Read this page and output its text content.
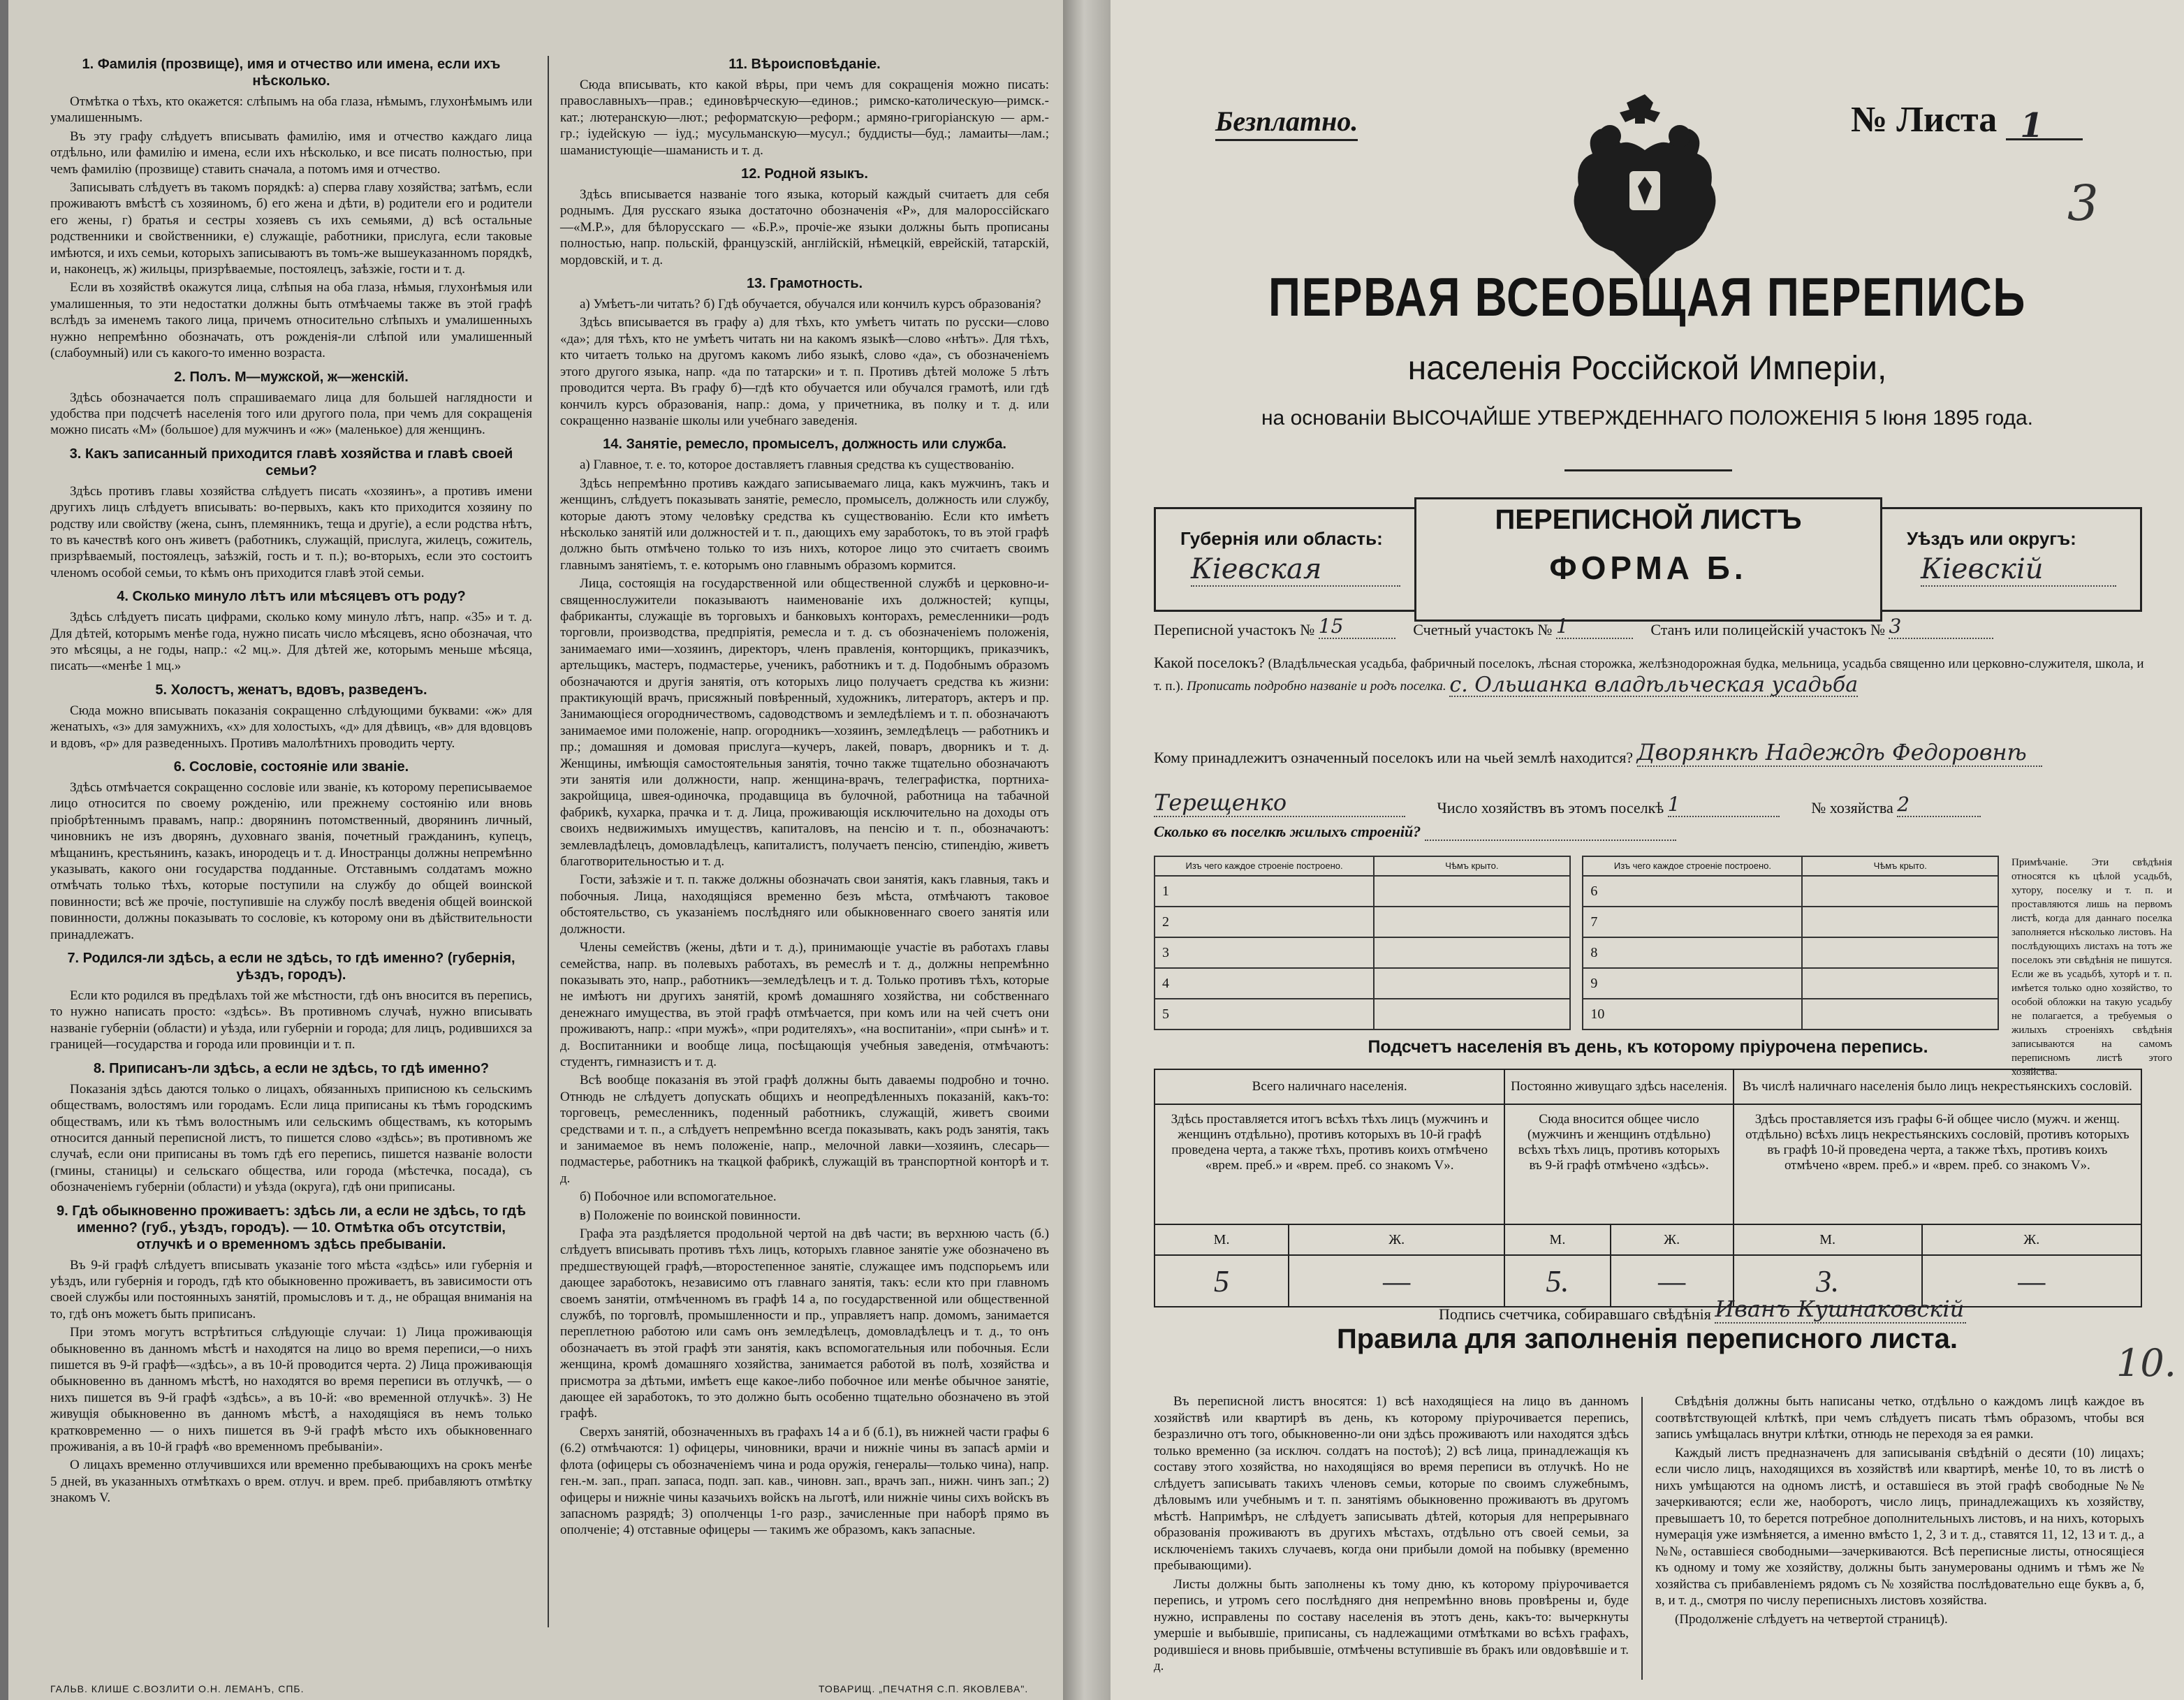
1. Фамилія (прозвище), имя и отчество или имена, если ихъ нѣсколько.

Отмѣтка о тѣхъ, кто окажется: слѣпымъ на оба глаза, нѣмымъ, глухонѣмымъ или умалишеннымъ.

Въ эту графу слѣдуетъ вписывать фамилію, имя и отчество каждаго лица отдѣльно, или фамилію и имена, если ихъ нѣсколько, и все писать полностью, при чемъ фамилію (прозвище) ставить сначала, а потомъ имя и отчество.

Записывать слѣдуетъ въ такомъ порядкѣ: а) сперва главу хозяйства; затѣмъ, если проживаютъ вмѣстѣ съ хозяиномъ, б) его жена и дѣти, в) родители его и родители его жены, г) братья и сестры хозяевъ съ ихъ семьями, д) всѣ остальные родственники и свойственники, е) служащіе, работники, прислуга, если таковые имѣются, и ихъ семьи, которыхъ записываютъ въ томъ-же вышеуказанномъ порядкѣ, и, наконецъ, ж) жильцы, призрѣваемые, постоялецъ, заѣзжіе, гости и т. д.

Если въ хозяйствѣ окажутся лица, слѣпыя на оба глаза, нѣмыя, глухонѣмыя или умалишенныя, то эти недостатки должны быть отмѣчаемы также въ этой графѣ вслѣдъ за именемъ такого лица, причемъ относительно слѣпыхъ и умалишенныхъ нужно непремѣнно обозначать, отъ рожденія-ли слѣпой или умалишенный (слабоумный) или съ какого-то именно возраста.

2. Полъ. М—мужской, ж—женскій.

Здѣсь обозначается полъ спрашиваемаго лица для большей наглядности и удобства при подсчетѣ населенія того или другого пола, при чемъ для сокращенія можно писать «М» (большое) для мужчинъ и «ж» (маленькое) для женщинъ.

3. Какъ записанный приходится главѣ хозяйства и главѣ своей семьи?

Здѣсь противъ главы хозяйства слѣдуетъ писать «хозяинъ», а противъ имени другихъ лицъ слѣдуетъ вписывать: во-первыхъ, какъ кто приходится хозяину по родству или свойству (жена, сынъ, племянникъ, теща и другіе), а если родства нѣтъ, то въ качествѣ кого онъ живетъ (работникъ, служащій, прислуга, жилецъ, сожитель, призрѣваемый, постоялецъ, заѣзжій, гость и т. п.); во-вторыхъ, если это состоитъ членомъ особой семьи, то кѣмъ онъ приходится главѣ этой семьи.

4. Сколько минуло лѣтъ или мѣсяцевъ отъ роду?

Здѣсь слѣдуетъ писать цифрами, сколько кому минуло лѣтъ, напр. «35» и т. д. Для дѣтей, которымъ менѣе года, нужно писать число мѣсяцевъ, ясно обозначая, что это мѣсяцы, а не годы, напр.: «2 мц.». Для дѣтей же, которымъ меньше мѣсяца, писать—«менѣе 1 мц.»

5. Холостъ, женатъ, вдовъ, разведенъ.

Сюда можно вписывать показанія сокращенно слѣдующими буквами: «ж» для женатыхъ, «з» для замужнихъ, «х» для холостыхъ, «д» для дѣвицъ, «в» для вдовцовъ и вдовъ, «р» для разведенныхъ. Противъ малолѣтнихъ проводить черту.

6. Сословіе, состояніе или званіе.

Здѣсь отмѣчается сокращенно сословіе или званіе, къ которому переписываемое лицо относится по своему рожденію, или прежнему состоянію или вновь пріобрѣтеннымъ правамъ, напр.: дворянинъ потомственный, дворянинъ личный, чиновникъ не изъ дворянъ, духовнаго званія, почетный гражданинъ, купецъ, мѣщанинъ, крестьянинъ, казакъ, инородецъ и т. д. Иностранцы должны непремѣнно указывать, какого они государства подданные. Отставнымъ солдатамъ можно отмѣчать только тѣхъ, которые поступили на службу до общей воинской повинности; всѣ же прочіе, поступившіе на службу послѣ введенія общей воинской повинности, должны показывать то сословіе, къ которому они въ дѣйствительности принадлежатъ.

7. Родился-ли здѣсь, а если не здѣсь, то гдѣ именно? (губернія, уѣздъ, городъ).

Если кто родился въ предѣлахъ той же мѣстности, гдѣ онъ вносится въ перепись, то нужно написать просто: «здѣсь». Въ противномъ случаѣ, нужно вписывать названіе губерніи (области) и уѣзда, или губерніи и города; для лицъ, родившихся за границей—государства и города или провинціи и т. п.

8. Приписанъ-ли здѣсь, а если не здѣсь, то гдѣ именно?

Показанія здѣсь даются только о лицахъ, обязанныхъ приписною къ сельскимъ обществамъ, волостямъ или городамъ. Если лица приписаны къ тѣмъ городскимъ обществамъ, или къ тѣмъ волостнымъ или сельскимъ обществамъ, къ которымъ относится данный переписной листъ, то пишется слово «здѣсь»; въ противномъ же случаѣ, если они приписаны въ томъ гдѣ его перепись, пишется названіе волости (гмины, станицы) и сельскаго общества, или города (мѣстечка, посада), съ обозначеніемъ губерніи (области) и уѣзда (округа), гдѣ они приписаны.

9. Гдѣ обыкновенно проживаетъ: здѣсь ли, а если не здѣсь, то гдѣ именно? (губ., уѣздъ, городъ). — 10. Отмѣтка объ отсутствіи, отлучкѣ и о временномъ здѣсь пребываніи.

Въ 9-й графѣ слѣдуетъ вписывать указаніе того мѣста «здѣсь» или губернія и уѣздъ, или губернія и городъ, гдѣ кто обыкновенно проживаетъ, въ зависимости отъ своей службы или постоянныхъ занятій, промысловъ и т. д., не обращая вниманія на то, гдѣ онъ можетъ быть приписанъ.

При этомъ могутъ встрѣтиться слѣдующіе случаи: 1) Лица проживающія обыкновенно въ данномъ мѣстѣ и находятся на лицо во время переписи,—о нихъ пишется въ 9-й графѣ—«здѣсь», а въ 10-й проводится черта. 2) Лица проживающія обыкновенно въ данномъ мѣстѣ, но находятся во время переписи въ отлучкѣ, — о нихъ пишется въ 9-й графѣ «здѣсь», а въ 10-й: «во временной отлучкѣ». 3) Не живущія обыкновенно въ данномъ мѣстѣ, а находящіяся въ немъ только кратковременно — о нихъ пишется въ 9-й графѣ мѣсто ихъ обыкновеннаго проживанія, а въ 10-й графѣ «во временномъ пребываніи».

О лицахъ временно отлучившихся или временно пребывающихъ на срокъ менѣе 5 дней, въ указанныхъ отмѣткахъ о врем. отлуч. и врем. преб. прибавляютъ отмѣтку знакомъ V.

11. Вѣроисповѣданіе.

Сюда вписывать, кто какой вѣры, при чемъ для сокращенія можно писать: православныхъ—прав.; единовѣрческую—единов.; римско-католическую—римск.-кат.; лютеранскую—лют.; реформатскую—реформ.; армяно-григоріанскую — арм.-гр.; іудейскую — іуд.; мусульманскую—мусул.; буддисты—буд.; ламаиты—лам.; шаманистующіе—шаманисть и т. д.

12. Родной языкъ.

Здѣсь вписывается названіе того языка, который каждый считаетъ для себя роднымъ. Для русскаго языка достаточно обозначенія «Р», для малороссійскаго—«М.Р.», для бѣлорусскаго — «Б.Р.», прочіе-же языки должны быть прописаны полностью, напр. польскій, французскій, англійскій, нѣмецкій, еврейскій, татарскій, мордовскій, и т. д.

13. Грамотность.

а) Умѣетъ-ли читать? б) Гдѣ обучается, обучался или кончилъ курсъ образованія?

Здѣсь вписывается въ графу а) для тѣхъ, кто умѣетъ читать по русски—слово «да»; для тѣхъ, кто не умѣетъ читать ни на какомъ языкѣ—слово «нѣтъ». Для тѣхъ, кто читаетъ только на другомъ какомъ либо языкѣ, слово «да», съ обозначеніемъ этого другого языка, напр. «да по татарски» и т. п. Противъ дѣтей моложе 5 лѣтъ проводится черта. Въ графу б)—гдѣ кто обучается или обучался грамотѣ, или гдѣ кончилъ курсъ образованія, напр.: дома, у причетника, въ полку и т. д. или сокращенно названіе школы или учебнаго заведенія.

14. Занятіе, ремесло, промыселъ, должность или служба.

а) Главное, т. е. то, которое доставляетъ главныя средства къ существованію.

Здѣсь непремѣнно противъ каждаго записываемаго лица, какъ мужчинъ, такъ и женщинъ, слѣдуетъ показывать занятіе, ремесло, промыселъ, должность или службу, которые даютъ этому человѣку средства къ существованію. Если кто имѣетъ нѣсколько занятій или должностей и т. п., дающихъ ему заработокъ, то въ этой графѣ должно быть отмѣчено только то изъ нихъ, которое лицо это считаетъ своимъ главнымъ занятіемъ, т. е. которымъ оно главнымъ образомъ кормится.

Лица, состоящія на государственной или общественной службѣ и церковно-и-священнослужители показываютъ наименованіе ихъ должностей; купцы, фабриканты, служащіе въ торговыхъ и банковыхъ конторахъ, ремесленники—родъ торговли, производства, предпріятія, ремесла и т. д. съ обозначеніемъ положенія, занимаемаго ими—хозяинъ, директоръ, членъ правленія, конторщикъ, приказчикъ, артельщикъ, мастеръ, подмастерье, ученикъ, работникъ и т. д. Подобнымъ образомъ обозначаются и другія занятія, отъ которыхъ лицо получаетъ средства къ жизни: практикующій врачъ, присяжный повѣренный, художникъ, литераторъ, актеръ и пр. Занимающіеся огородничествомъ, садоводствомъ и земледѣліемъ и т. п. обозначаютъ занимаемое ими положеніе, напр. огородникъ—хозяинъ, земледѣлецъ — работникъ и пр.; домашняя и домовая прислуга—кучеръ, лакей, поваръ, дворникъ и т. д. Женщины, имѣющія самостоятельныя занятія, точно также тщательно обозначаютъ эти занятія или должности, напр. женщина-врачъ, телеграфистка, портниха-закройщица, швея-одиночка, продавщица въ булочной, работница на табачной фабрикѣ, кухарка, прачка и т. д. Лица, проживающія исключительно на доходы отъ своихъ недвижимыхъ имуществъ, капиталовъ, на пенсію и т. п., обозначаютъ: землевладѣлецъ, домовладѣлецъ, капиталистъ, получаетъ пенсію, стипендію, живетъ благотворительностью и т. д.

Гости, заѣзжіе и т. п. также должны обозначать свои занятія, какъ главныя, такъ и побочныя. Лица, находящіяся временно безъ мѣста, отмѣчаютъ таковое обстоятельство, съ указаніемъ послѣдняго или обыкновеннаго своего занятія или должности.

Члены семействъ (жены, дѣти и т. д.), принимающіе участіе въ работахъ главы семейства, напр. въ полевыхъ работахъ, въ ремеслѣ и т. д., должны непремѣнно показывать это, напр., работникъ—земледѣлецъ и т. д. Только противъ тѣхъ, которые не имѣютъ ни другихъ занятій, кромѣ домашняго хозяйства, ни собственнаго денежнаго имущества, въ этой графѣ отмѣчается, при комъ или на чей счетъ они проживаютъ, напр.: «при мужѣ», «при родителяхъ», «на воспитаніи», «при сынѣ» и т. д. Воспитанники и вообще лица, посѣщающія учебныя заведенія, отмѣчаютъ: студентъ, гимназистъ и т. д.

Всѣ вообще показанія въ этой графѣ должны быть даваемы подробно и точно. Отнюдь не слѣдуетъ допускать общихъ и неопредѣленныхъ показаній, какъ-то: торговецъ, ремесленникъ, поденный работникъ, служащій, живетъ своими средствами и т. п., а слѣдуетъ непремѣнно всегда показывать, какъ родъ занятія, такъ и занимаемое въ немъ положеніе, напр., мелочной лавки—хозяинъ, слесарь—подмастерье, работникъ на ткацкой фабрикѣ, служащій въ транспортной конторѣ и т. д.

б) Побочное или вспомогательное.

в) Положеніе по воинской повинности.

Графа эта раздѣляется продольной чертой на двѣ части; въ верхнюю часть (б.) слѣдуетъ вписывать противъ тѣхъ лицъ, которыхъ главное занятіе уже обозначено въ предшествующей графѣ,—второстепенное занятіе, служащее имъ подспорьемъ или дающее заработокъ, независимо отъ главнаго занятія, такъ: если кто при главномъ своемъ занятіи, отмѣченномъ въ графѣ 14 а, по государственной или общественной службѣ, по торговлѣ, промышленности и пр., управляетъ напр. домомъ, занимается переплетною работою или самъ онъ земледѣлецъ, домовладѣлецъ и т. д., то онъ обозначаетъ въ этой графѣ эти занятія, какъ вспомогательныя или побочныя. Если женщина, кромѣ домашняго хозяйства, занимается работой въ полѣ, хозяйства и присмотра за дѣтьми, имѣетъ еще какое-либо побочное или менѣе обычное занятіе, дающее ей заработокъ, то это должно быть особенно тщательно обозначено въ этой графѣ.

Сверхъ занятій, обозначенныхъ въ графахъ 14 а и б (б.1), въ нижней части графы 6 (6.2) отмѣчаются: 1) офицеры, чиновники, врачи и нижніе чины въ запасѣ арміи и флота (офицеры съ обозначеніемъ чина и рода оружія, генералы—только чина), напр. ген.-м. зап., прап. запаса, подп. зап. кав., чиновн. зап., врачъ зап., нижн. чинъ зап.; 2) офицеры и нижніе чины казачьихъ войскъ на льготѣ, или нижніе чины сихъ войскъ въ запасномъ разрядѣ; 3) ополченцы 1-го разр., зачисленные при наборѣ прямо въ ополченіе; 4) отставные офицеры — такимъ же образомъ, какъ запасные.

ГАЛЬВ. КЛИШЕ С.ВОЗЛИТИ О.Н. ЛЕМАНЪ, СПБ.	ТОВАРИЩ. „ПЕЧАТНЯ С.П. ЯКОВЛЕВА".
Безплатно.	№ Листа 1
3
ПЕРВАЯ ВСЕОБЩАЯ ПЕРЕПИСЬ
населенія Россійской Имперіи,
на основаніи ВЫСОЧАЙШЕ УТВЕРЖДЕННАГО ПОЛОЖЕНІЯ 5 Іюня 1895 года.
ПЕРЕПИСНОЙ ЛИСТЪ
ФОРМА Б.
Губернія или область:
Кіевская
Уѣздъ или округъ:
Кіевскій
Переписной участокъ № 15	Счетный участокъ № 1	Станъ или полицейскій участокъ № 3
Какой поселокъ? (Владѣльческая усадьба, фабричный поселокъ, лѣсная сторожка, желѣзнодорожная будка, мельница, усадьба священно или церковно-служителя, школа, и т. п.). Прописать подробно названіе и родъ поселка. с. Ольшанка владѣльческая усадьба
Кому принадлежитъ означенный поселокъ или на чьей землѣ находится? Дворянкѣ Надеждѣ Федоровнѣ
Терещенко	Число хозяйствъ въ этомъ поселкѣ 1	№ хозяйства 2
Сколько въ поселкѣ жилыхъ строеній?
Изъ чего каждое строеніе построено.	Чѣмъ крыто.		Изъ чего каждое строеніе построено.	Чѣмъ крыто.
1			6	
2			7	
3			8	
4			9	
5			10	
Примѣчаніе. Эти свѣдѣнія относятся къ цѣлой усадьбѣ, хутору, поселку и т. п. и проставляются лишь на первомъ листѣ, когда для даннаго поселка заполняется нѣсколько листовъ. На послѣдующихъ листахъ на тотъ же поселокъ эти свѣдѣнія не пишутся. Если же въ усадьбѣ, хуторѣ и т. п. имѣется только одно хозяйство, то особой обложки на такую усадьбу не полагается, а требуемыя о жилыхъ строеніяхъ свѣдѣнія записываются на самомъ переписномъ листѣ этого хозяйства.
Подсчетъ населенія въ день, къ которому пріурочена перепись.
Всего наличнаго населенія.		Постоянно живущаго здѣсь населенія.		Въ числѣ наличнаго населенія было лицъ некрестьянскихъ сословій.	
Здѣсь проставляется итогъ всѣхъ тѣхъ лицъ (мужчинъ и женщинъ отдѣльно), противъ которыхъ въ 10-й графѣ проведена черта, а также тѣхъ, противъ коихъ отмѣчено «врем. преб.» и «врем. преб. со знакомъ V».		Сюда вносится общее число (мужчинъ и женщинъ отдѣльно) всѣхъ тѣхъ лицъ, противъ которыхъ въ 9-й графѣ отмѣчено «здѣсь».		Здѣсь проставляется изъ графы 6-й общее число (мужч. и женщ. отдѣльно) всѣхъ лицъ некрестьянскихъ сословій, противъ которыхъ въ графѣ 10-й проведена черта, а также тѣхъ, противъ коихъ отмѣчено «врем. преб.» и «врем. преб. со знакомъ V».	
М.	Ж.	М.	Ж.	М.	Ж.
5	—	5.	—	3.	—
Подпись счетчика, собиравшаго свѣдѣнія Иванъ Кушнаковскій
10.
Правила для заполненія переписного листа.

Въ переписной листъ вносятся: 1) всѣ находящіеся на лицо въ данномъ хозяйствѣ или квартирѣ въ день, къ которому пріурочивается перепись, безразлично отъ того, обыкновенно-ли они здѣсь проживаютъ или находятся здѣсь только временно (за исключ. солдатъ на постоѣ); 2) всѣ лица, принадлежащія къ составу этого хозяйства, но находящіяся во время переписи въ отлучкѣ. Но не слѣдуетъ записывать такихъ членовъ семьи, которые по своимъ служебнымъ, дѣловымъ или учебнымъ и т. п. занятіямъ обыкновенно проживаютъ въ другомъ мѣстѣ. Напримѣръ, не слѣдуетъ записывать дѣтей, которыя для непрерывнаго образованія проживаютъ въ другихъ мѣстахъ, отдѣльно отъ своей семьи, за исключеніемъ такихъ случаевъ, когда они прибыли домой на побывку (временно пребывающими).

Листы должны быть заполнены къ тому дню, къ которому пріурочивается перепись, и утромъ сего послѣдняго дня непремѣнно вновь провѣрены и, буде нужно, исправлены по составу населенія въ этотъ день, какъ-то: вычеркнуты умершіе и выбывшіе, приписаны, съ надлежащими отмѣтками во всѣхъ графахъ, родившіеся и вновь прибывшіе, отмѣчены вступившіе въ бракъ или овдовѣвшіе и т. д.

Свѣдѣнія должны быть написаны четко, отдѣльно о каждомъ лицѣ каждое въ соотвѣтствующей клѣткѣ, при чемъ слѣдуетъ писать тѣмъ образомъ, чтобы вся запись умѣщалась внутри клѣтки, отнюдь не переходя за ея рамки.

Каждый листъ предназначенъ для записыванія свѣдѣній о десяти (10) лицахъ; если число лицъ, находящихся въ хозяйствѣ или квартирѣ, менѣе 10, то въ листѣ о нихъ умѣщаются на одномъ листѣ, и оставшіеся въ этой графѣ свободные №№ зачеркиваются; если же, наоборотъ, число лицъ, принадлежащихъ къ хозяйству, превышаетъ 10, то берется потребное дополнительныхъ листовъ, и на нихъ, которыхъ нумерація уже измѣняется, а именно вмѣсто 1, 2, 3 и т. д., ставятся 11, 12, 13 и т. д., а №№, оставшіеся свободными—зачеркиваются. Всѣ переписные листы, относящіеся къ одному и тому же хозяйству, должны быть занумерованы однимъ и тѣмъ же № хозяйства съ прибавленіемъ рядомъ съ № хозяйства послѣдовательно еще буквъ а, б, в, и т. д., смотря по числу переписныхъ листовъ хозяйства.

(Продолженіе слѣдуетъ на четвертой страницѣ).
